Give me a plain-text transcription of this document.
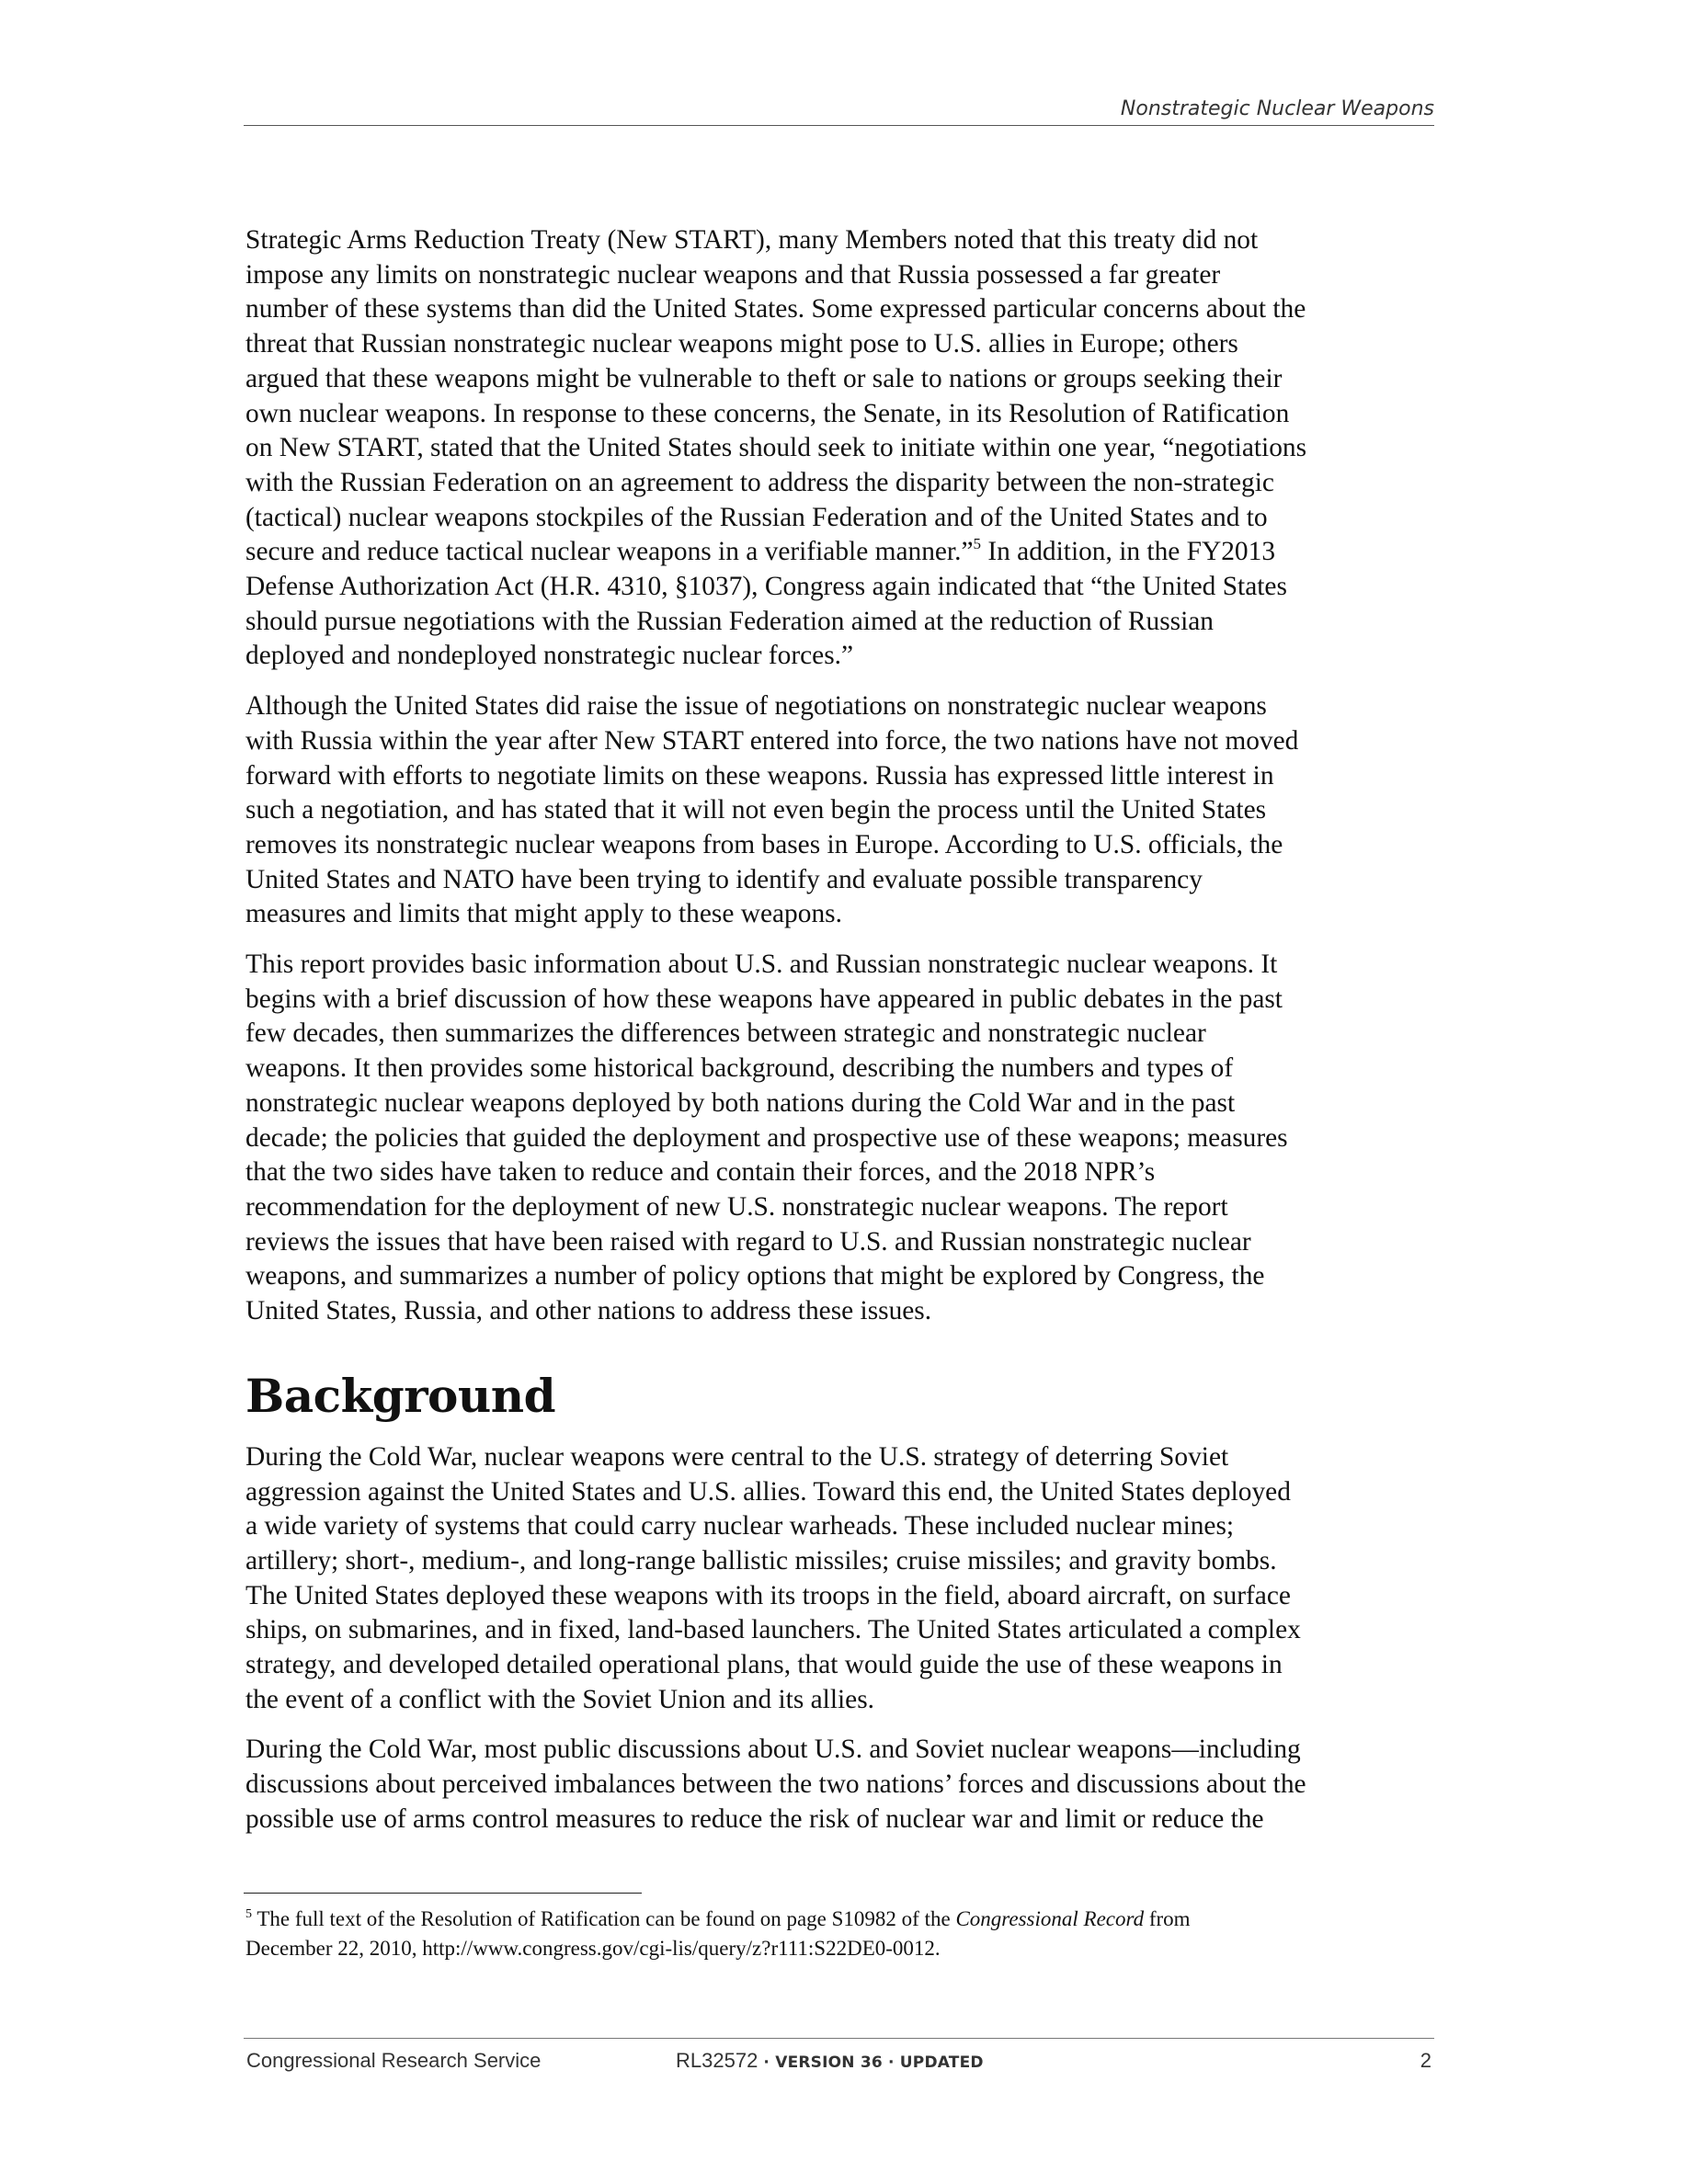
Nonstrategic Nuclear Weapons

Strategic Arms Reduction Treaty (New START), many Members noted that this treaty did not
impose any limits on nonstrategic nuclear weapons and that Russia possessed a far greater
number of these systems than did the United States. Some expressed particular concerns about the
threat that Russian nonstrategic nuclear weapons might pose to U.S. allies in Europe; others
argued that these weapons might be vulnerable to theft or sale to nations or groups seeking their
own nuclear weapons. In response to these concerns, the Senate, in its Resolution of Ratification
on New START, stated that the United States should seek to initiate within one year, “negotiations
with the Russian Federation on an agreement to address the disparity between the non-strategic
(tactical) nuclear weapons stockpiles of the Russian Federation and of the United States and to
secure and reduce tactical nuclear weapons in a verifiable manner.”$^5$ In addition, in the FY2013
Defense Authorization Act (H.R. 4310, §1037), Congress again indicated that “the United States
should pursue negotiations with the Russian Federation aimed at the reduction of Russian
deployed and nondeployed nonstrategic nuclear forces.”

Although the United States did raise the issue of negotiations on nonstrategic nuclear weapons
with Russia within the year after New START entered into force, the two nations have not moved
forward with efforts to negotiate limits on these weapons. Russia has expressed little interest in
such a negotiation, and has stated that it will not even begin the process until the United States
removes its nonstrategic nuclear weapons from bases in Europe. According to U.S. officials, the
United States and NATO have been trying to identify and evaluate possible transparency
measures and limits that might apply to these weapons.

This report provides basic information about U.S. and Russian nonstrategic nuclear weapons. It
begins with a brief discussion of how these weapons have appeared in public debates in the past
few decades, then summarizes the differences between strategic and nonstrategic nuclear
weapons. It then provides some historical background, describing the numbers and types of
nonstrategic nuclear weapons deployed by both nations during the Cold War and in the past
decade; the policies that guided the deployment and prospective use of these weapons; measures
that the two sides have taken to reduce and contain their forces, and the 2018 NPR’s
recommendation for the deployment of new U.S. nonstrategic nuclear weapons. The report
reviews the issues that have been raised with regard to U.S. and Russian nonstrategic nuclear
weapons, and summarizes a number of policy options that might be explored by Congress, the
United States, Russia, and other nations to address these issues.

Background

During the Cold War, nuclear weapons were central to the U.S. strategy of deterring Soviet
aggression against the United States and U.S. allies. Toward this end, the United States deployed
a wide variety of systems that could carry nuclear warheads. These included nuclear mines;
artillery; short-, medium-, and long-range ballistic missiles; cruise missiles; and gravity bombs.
The United States deployed these weapons with its troops in the field, aboard aircraft, on surface
ships, on submarines, and in fixed, land-based launchers. The United States articulated a complex
strategy, and developed detailed operational plans, that would guide the use of these weapons in
the event of a conflict with the Soviet Union and its allies.

During the Cold War, most public discussions about U.S. and Soviet nuclear weapons—including
discussions about perceived imbalances between the two nations’ forces and discussions about the
possible use of arms control measures to reduce the risk of nuclear war and limit or reduce the

$^5$ The full text of the Resolution of Ratification can be found on page S10982 of the Congressional Record from
December 22, 2010, http://www.congress.gov/cgi-lis/query/z?r111:S22DE0-0012.
Congressional Research Service	RL32572 · VERSION 36 · UPDATED	2
